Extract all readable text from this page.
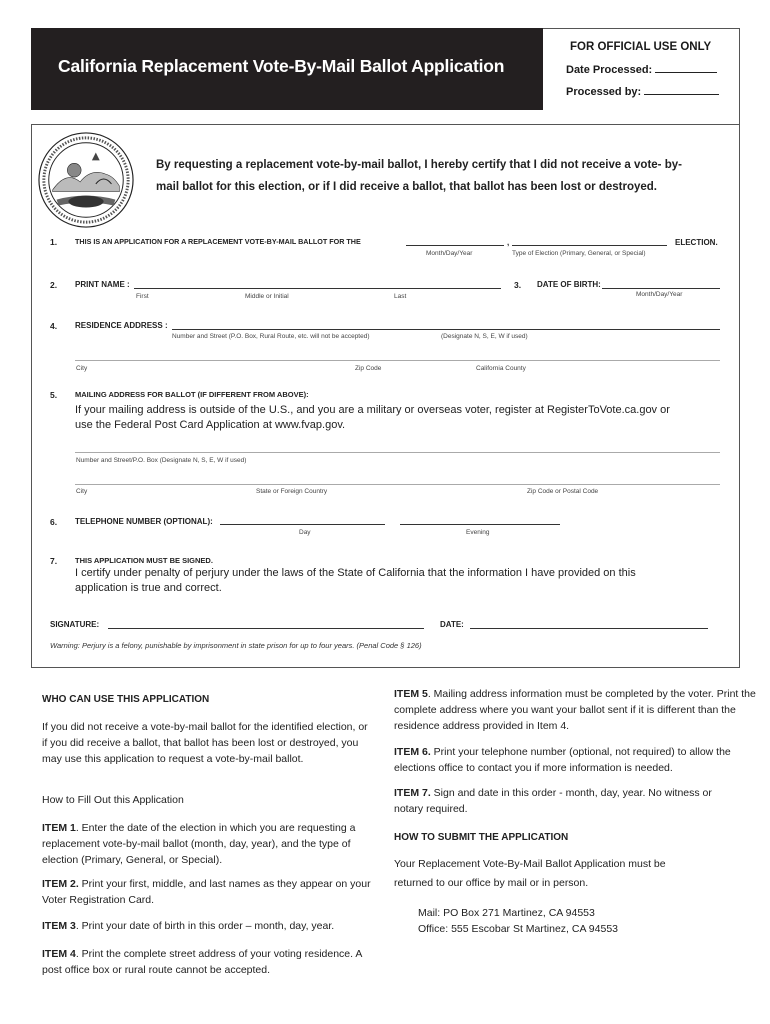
California Replacement Vote-By-Mail Ballot Application
FOR OFFICIAL USE ONLY
Date Processed:
Processed by:
By requesting a replacement vote-by-mail ballot, I hereby certify that I did not receive a vote- by-
mail ballot for this election, or if I did receive a ballot, that ballot has been lost or destroyed.
1. THIS IS AN APPLICATION FOR A REPLACEMENT VOTE-BY-MAIL BALLOT FOR THE	,	ELECTION.
Month/Day/Year	Type of Election (Primary, General, or Special)
2. PRINT NAME :
First	Middle or Initial	Last
3. DATE OF BIRTH:
Month/Day/Year
4. RESIDENCE ADDRESS :
Number and Street (P.O. Box, Rural Route, etc. will not be accepted)	(Designate N, S, E, W if used)
City	Zip Code	California County
5. MAILING ADDRESS FOR BALLOT (IF DIFFERENT FROM ABOVE):
If your mailing address is outside of the U.S., and you are a military or overseas voter, register at RegisterToVote.ca.gov or
use the Federal Post Card Application at www.fvap.gov.
Number and Street/P.O. Box (Designate N, S, E, W if used)
City	State or Foreign Country	Zip Code or Postal Code
6. TELEPHONE NUMBER (OPTIONAL):
Day	Evening
7. THIS APPLICATION MUST BE SIGNED.
I certify under penalty of perjury under the laws of the State of California that the information I have provided on this
application is true and correct.
SIGNATURE:	DATE:
Warning: Perjury is a felony, punishable by imprisonment in state prison for up to four years. (Penal Code § 126)
WHO CAN USE THIS APPLICATION
If you did not receive a vote-by-mail ballot for the identified election, or if you did receive a ballot, that ballot has been lost or destroyed, you may use this application to request a vote-by-mail ballot.
How to Fill Out this Application
ITEM 1. Enter the date of the election in which you are requesting a replacement vote-by-mail ballot (month, day, year), and the type of election (Primary, General, or Special).
ITEM 2. Print your first, middle, and last names as they appear on your Voter Registration Card.
ITEM 3. Print your date of birth in this order – month, day, year.
ITEM 4. Print the complete street address of your voting residence. A post office box or rural route cannot be accepted.
ITEM 5. Mailing address information must be completed by the voter. Print the complete address where you want your ballot sent if it is different than the residence address provided in Item 4.
ITEM 6. Print your telephone number (optional, not required) to allow the elections office to contact you if more information is needed.
ITEM 7. Sign and date in this order - month, day, year. No witness or notary required.
HOW TO SUBMIT THE APPLICATION
Your Replacement Vote-By-Mail Ballot Application must be
returned to our office by mail or in person.
Mail: PO Box 271 Martinez, CA 94553
Office: 555 Escobar St Martinez, CA 94553
